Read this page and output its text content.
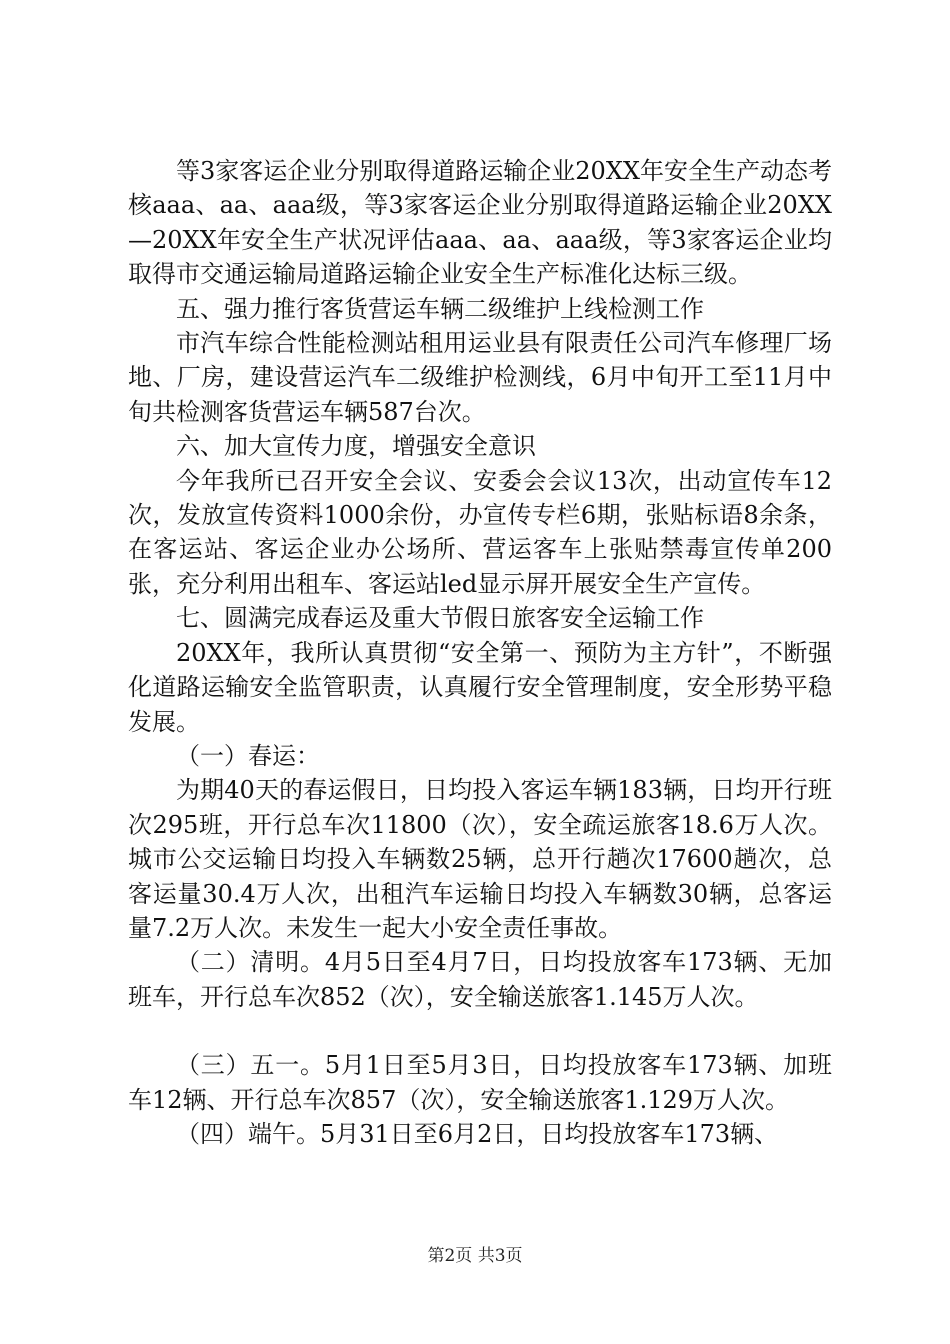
等3家客运企业分别取得道路运输企业20XX年安全生产动态考核aaa、aa、aaa级，等3家客运企业分别取得道路运输企业20XX—20XX年安全生产状况评估aaa、aa、aaa级，等3家客运企业均取得市交通运输局道路运输企业安全生产标准化达标三级。

五、强力推行客货营运车辆二级维护上线检测工作

市汽车综合性能检测站租用运业县有限责任公司汽车修理厂场地、厂房，建设营运汽车二级维护检测线，6月中旬开工至11月中旬共检测客货营运车辆587台次。

六、加大宣传力度，增强安全意识

今年我所已召开安全会议、安委会会议13次，出动宣传车12次，发放宣传资料1000余份，办宣传专栏6期，张贴标语8余条，在客运站、客运企业办公场所、营运客车上张贴禁毒宣传单200张，充分利用出租车、客运站led显示屏开展安全生产宣传。

七、圆满完成春运及重大节假日旅客安全运输工作

20XX年，我所认真贯彻“安全第一、预防为主方针”，不断强化道路运输安全监管职责，认真履行安全管理制度，安全形势平稳发展。

（一）春运：

为期40天的春运假日，日均投入客运车辆183辆，日均开行班次295班，开行总车次11800（次），安全疏运旅客18.6万人次。城市公交运输日均投入车辆数25辆，总开行趟次17600趟次，总客运量30.4万人次，出租汽车运输日均投入车辆数30辆，总客运量7.2万人次。未发生一起大小安全责任事故。

（二）清明。4月5日至4月7日，日均投放客车173辆、无加班车，开行总车次852（次），安全输送旅客1.145万人次。

（三）五一。5月1日至5月3日，日均投放客车173辆、加班车12辆、开行总车次857（次），安全输送旅客1.129万人次。

（四）端午。5月31日至6月2日，日均投放客车173辆、

第2页 共3页
